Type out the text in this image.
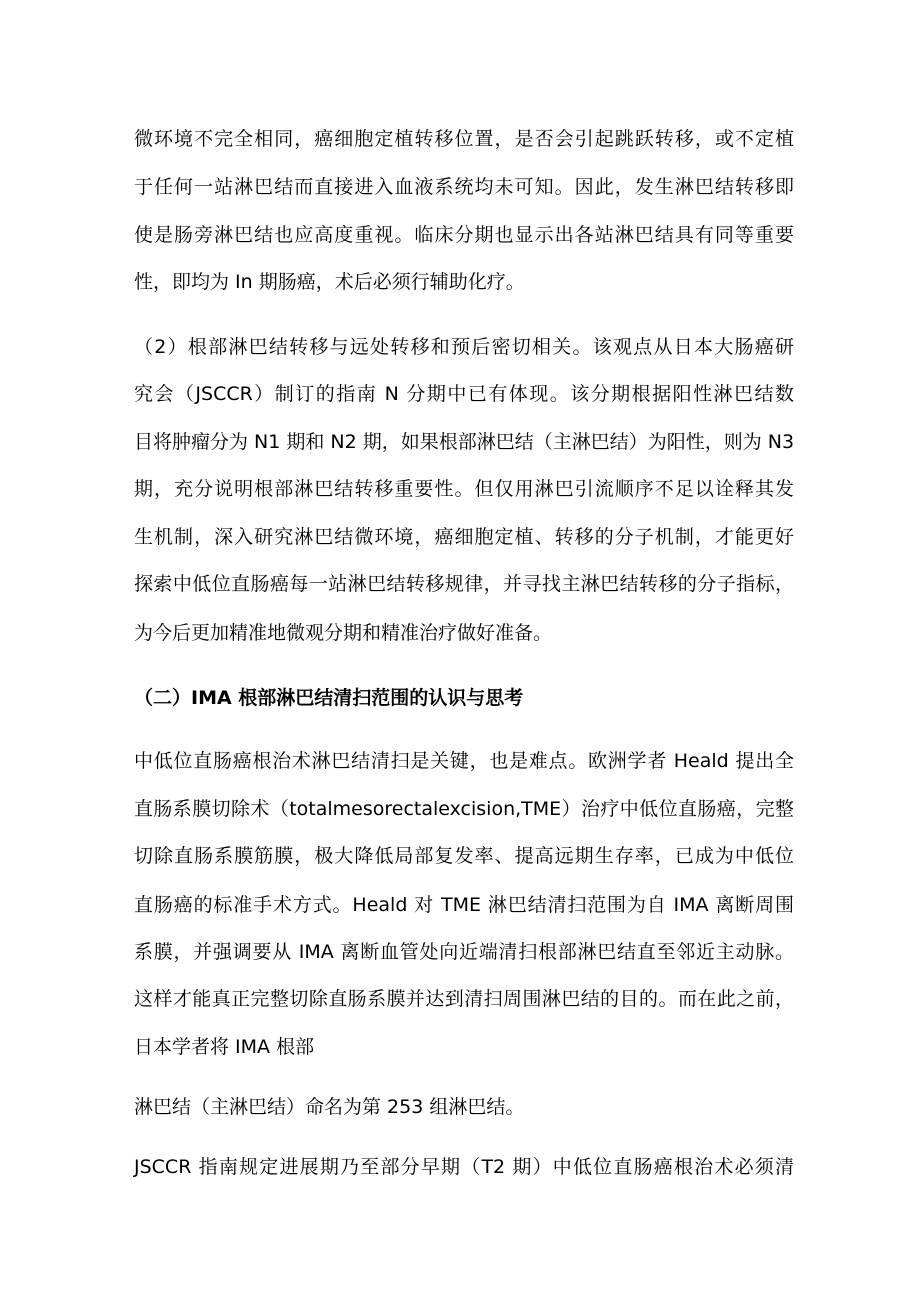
微环境不完全相同，癌细胞定植转移位置，是否会引起跳跃转移，或不定植
于任何一站淋巴结而直接进入血液系统均未可知。因此，发生淋巴结转移即
使是肠旁淋巴结也应高度重视。临床分期也显示出各站淋巴结具有同等重要
性，即均为 In 期肠癌，术后必须行辅助化疗。
（2）根部淋巴结转移与远处转移和预后密切相关。该观点从日本大肠癌研
究会（JSCCR）制订的指南 N 分期中已有体现。该分期根据阳性淋巴结数
目将肿瘤分为 N1 期和 N2 期，如果根部淋巴结（主淋巴结）为阳性，则为 N3
期，充分说明根部淋巴结转移重要性。但仅用淋巴引流顺序不足以诠释其发
生机制，深入研究淋巴结微环境，癌细胞定植、转移的分子机制，才能更好
探索中低位直肠癌每一站淋巴结转移规律，并寻找主淋巴结转移的分子指标，
为今后更加精准地微观分期和精准治疗做好准备。
（二）IMA 根部淋巴结清扫范围的认识与思考
中低位直肠癌根治术淋巴结清扫是关键，也是难点。欧洲学者 Heald 提出全
直肠系膜切除术（totalmesorectalexcision,TME）治疗中低位直肠癌，完整
切除直肠系膜筋膜，极大降低局部复发率、提高远期生存率，已成为中低位
直肠癌的标准手术方式。Heald 对 TME 淋巴结清扫范围为自 IMA 离断周围
系膜，并强调要从 IMA 离断血管处向近端清扫根部淋巴结直至邻近主动脉。
这样才能真正完整切除直肠系膜并达到清扫周围淋巴结的目的。而在此之前，
日本学者将 IMA 根部
淋巴结（主淋巴结）命名为第 253 组淋巴结。
JSCCR 指南规定进展期乃至部分早期（T2 期）中低位直肠癌根治术必须清
